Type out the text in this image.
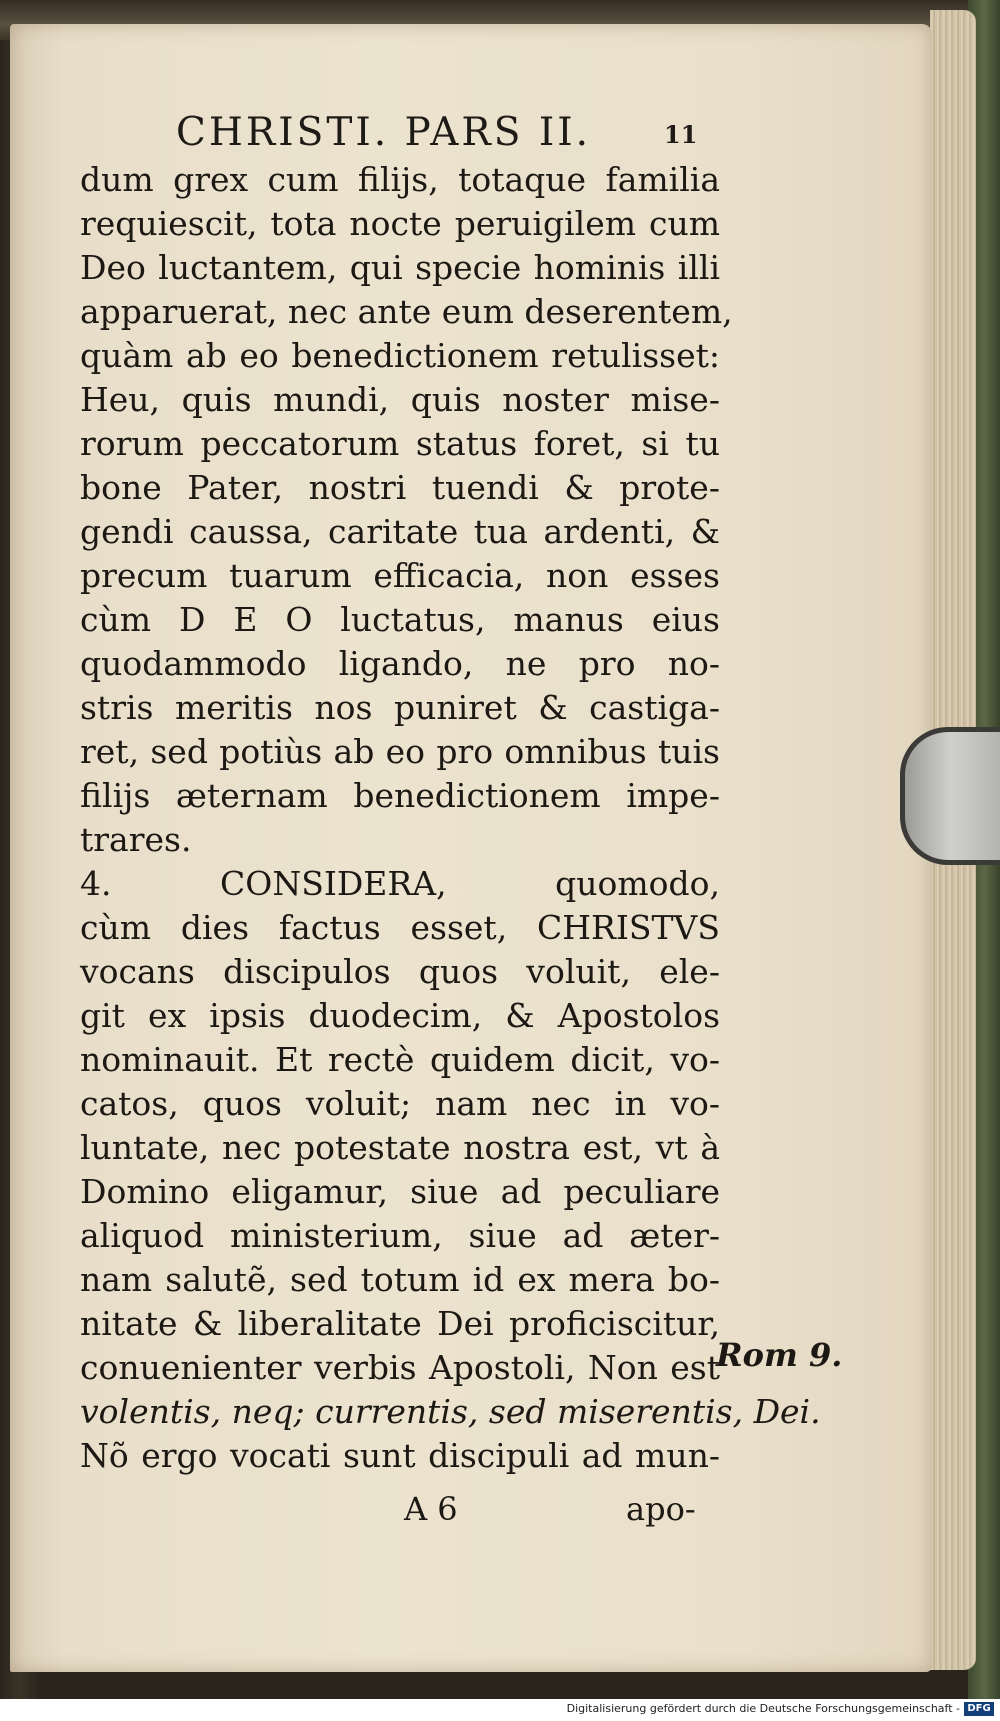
CHRISTI. PARS II.	11
dum grex cum filijs, totaque familia
requiescit, tota nocte peruigilem cum
Deo luctantem, qui specie hominis illi
apparuerat, nec ante eum deserentem,
quàm ab eo benedictionem retulisset:
Heu, quis mundi, quis noster mise-
rorum peccatorum status foret, si tu
bone Pater, nostri tuendi & prote-
gendi caussa, caritate tua ardenti, &
precum tuarum efficacia, non esses
cùm D E O luctatus, manus eius
quodammodo ligando, ne pro no-
stris meritis nos puniret & castiga-
ret, sed potiùs ab eo pro omnibus tuis
filijs æternam benedictionem impe-
trares.
4. CONSIDERA, quomodo,
cùm dies factus esset, CHRISTVS
vocans discipulos quos voluit, ele-
git ex ipsis duodecim, & Apostolos
nominauit. Et rectè quidem dicit, vo-
catos, quos voluit; nam nec in vo-
luntate, nec potestate nostra est, vt à
Domino eligamur, siue ad peculiare
aliquod ministerium, siue ad æter-
nam salutẽ, sed totum id ex mera bo-
nitate & liberalitate Dei proficiscitur,
conuenienter verbis Apostoli, Non est
volentis, neq; currentis, sed miserentis, Dei.
Nõ ergo vocati sunt discipuli ad mun-
Rom 9.
A 6	apo-
Digitalisierung gefördert durch die Deutsche Forschungsgemeinschaft - DFG
